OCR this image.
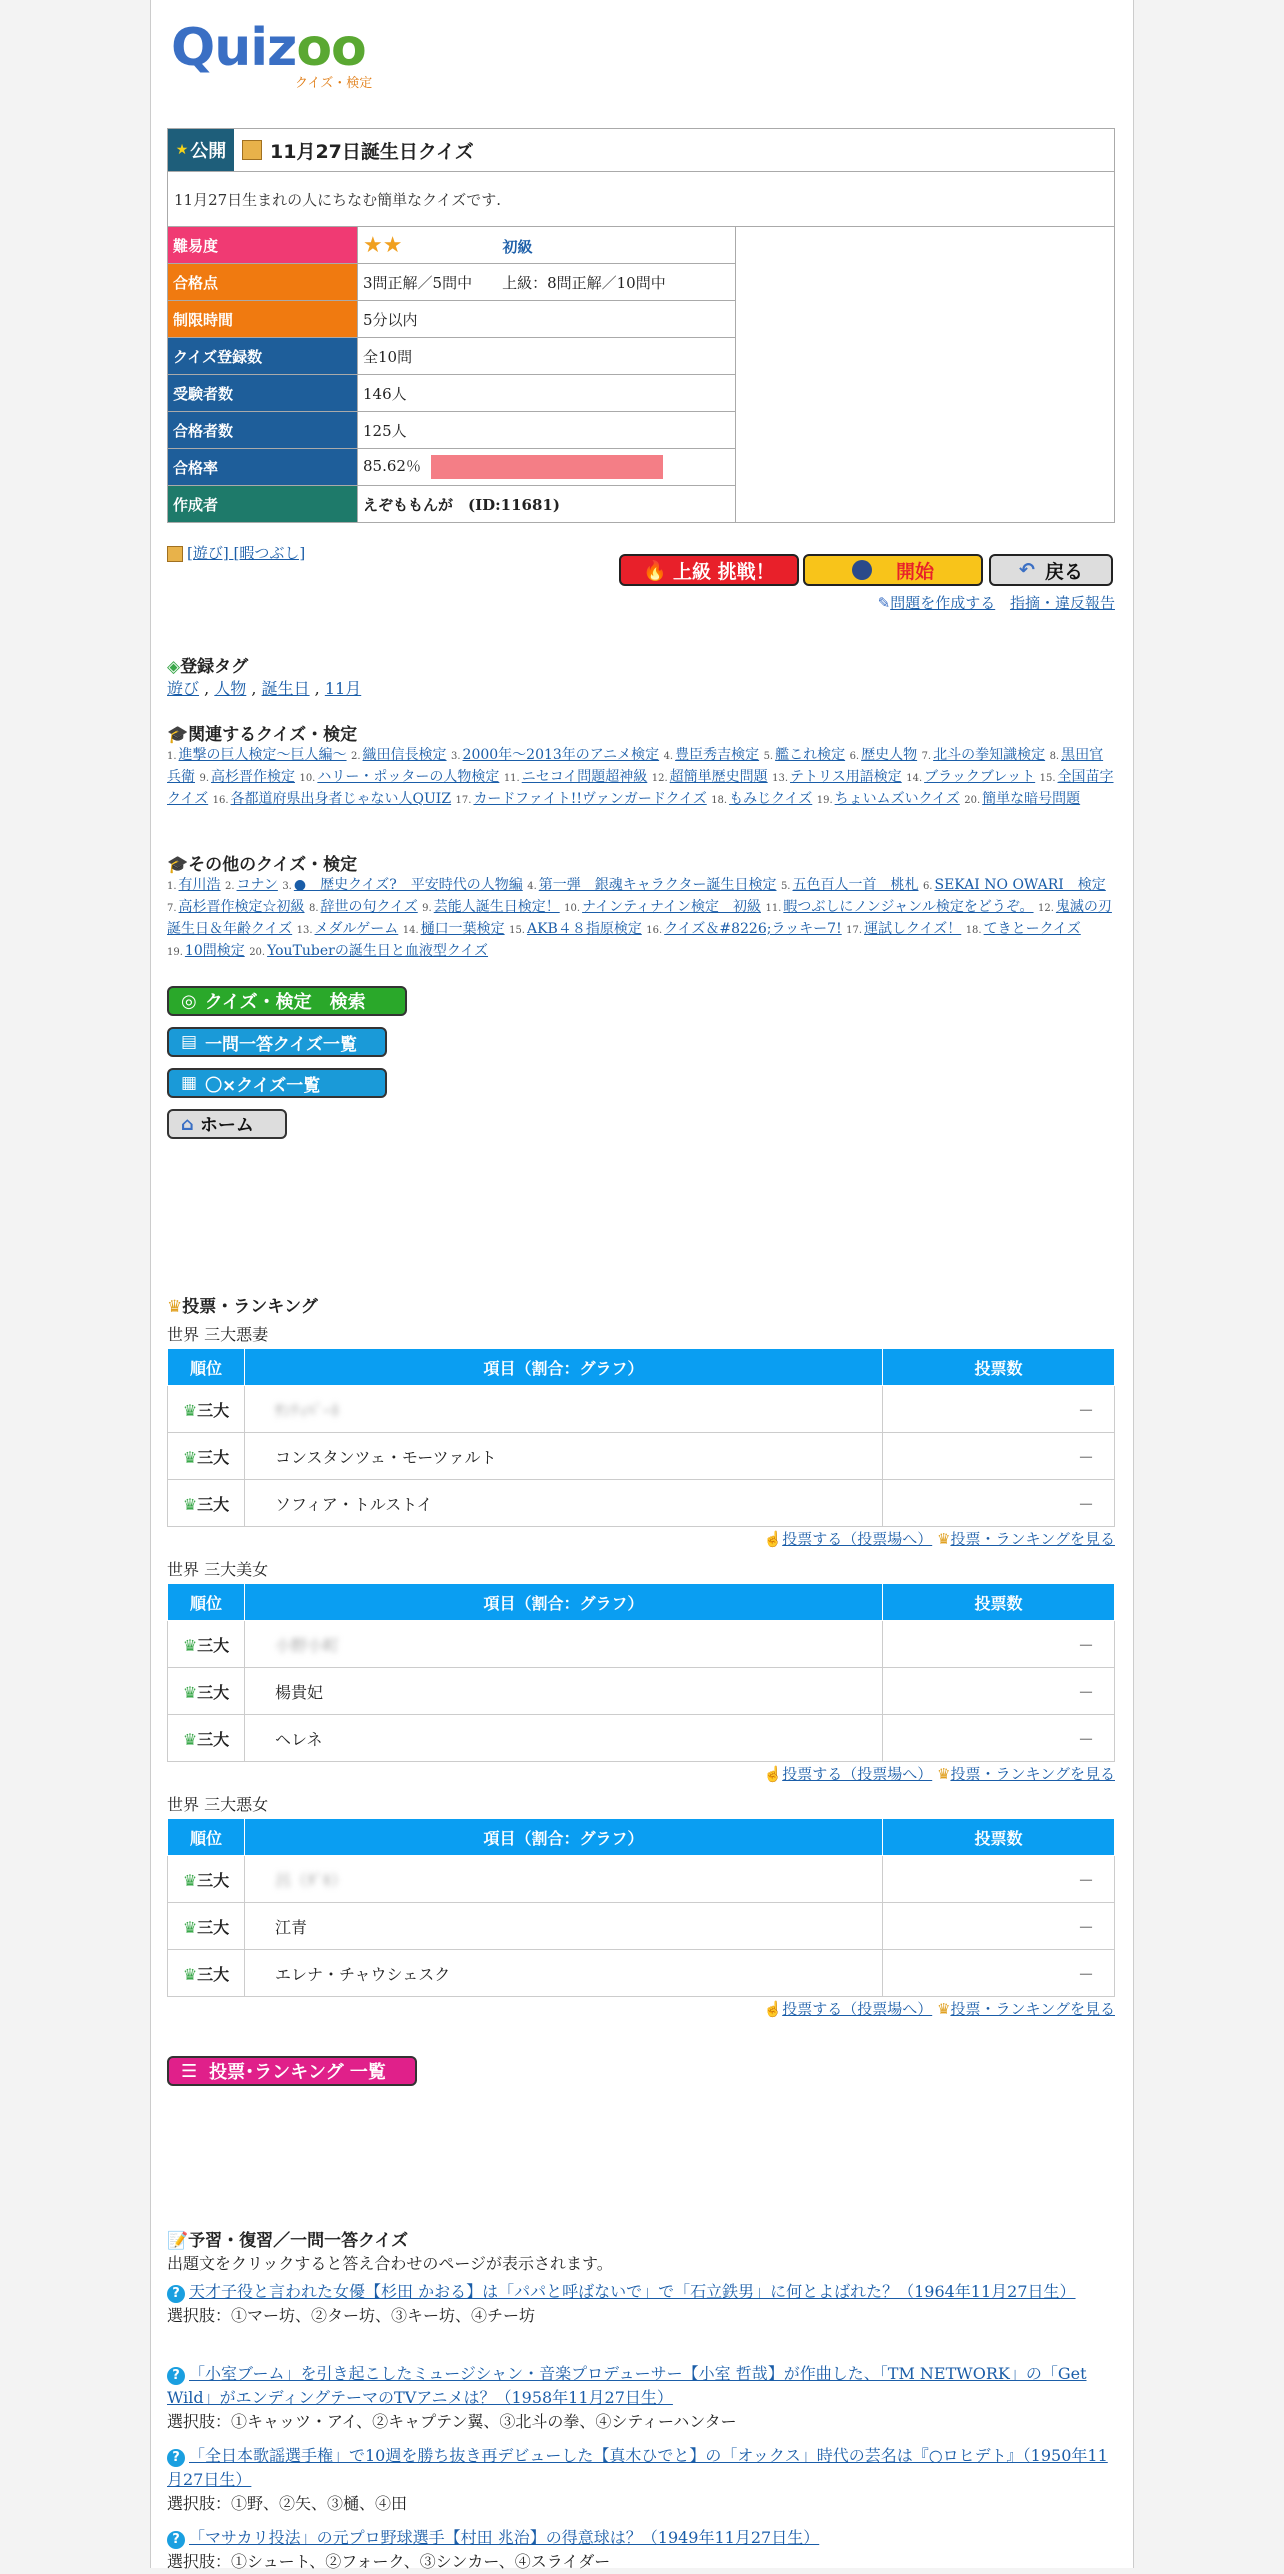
Quizoo
クイズ・検定
★ 公開 11月27日誕生日クイズ
11月27日生まれの人にちなむ簡単なクイズです.
難易度	★★ 初級
合格点	3問正解／5問中　　上級：8問正解／10問中
制限時間	5分以内
クイズ登録数	全10問
受験者数	146人
合格者数	125人
合格率	85.62％
作成者	えぞももんが　(ID:11681)
[遊び] [暇つぶし]
🔥 上級 挑戦！	開始	↶ 戻る
✎問題を作成する 指摘・違反報告
◈登録タグ
遊び , 人物 , 誕生日 , 11月
🎓関連するクイズ・検定
1. 進撃の巨人検定〜巨人編〜 2. 織田信長検定 3. 2000年〜2013年のアニメ検定 4. 豊臣秀吉検定 5. 艦これ検定 6. 歴史人物 7. 北斗の拳知識検定 8. 黒田官兵衛 9. 高杉晋作検定 10. ハリー・ポッターの人物検定 11. ニセコイ問題超神級 12. 超簡単歴史問題 13. テトリス用語検定 14. ブラックブレット 15. 全国苗字クイズ 16. 各都道府県出身者じゃない人QUIZ 17. カードファイト!!ヴァンガードクイズ 18. もみじクイズ 19. ちょいムズいクイズ 20. 簡単な暗号問題
🎓その他のクイズ・検定
1. 有川浩 2. コナン 3. ●　歴史クイズ?　平安時代の人物編 4. 第一弾　銀魂キャラクター誕生日検定 5. 五色百人一首　桃札 6. SEKAI NO OWARI　検定 7. 高杉晋作検定☆初級 8. 辞世の句クイズ 9. 芸能人誕生日検定！ 10. ナインティナイン検定　初級 11. 暇つぶしにノンジャンル検定をどうぞ。 12. 鬼滅の刃誕生日＆年齢クイズ 13. メダルゲーム 14. 樋口一葉検定 15. AKB４８指原検定 16. クイズ＆#8226;ラッキー7! 17. 運試しクイズ！ 18. てきとークイズ 19. 10問検定 20. YouTuberの誕生日と血液型クイズ
◎ クイズ・検定　検索
▤ 一問一答クイズ一覧
▦ 〇×クイズ一覧
⌂ ホーム
♛投票・ランキング
世界 三大悪妻
順位	項目（割合：グラフ）	投票数
♛三大	ｻﾝﾃｨﾊﾟｰﾈ	－
♛三大	コンスタンツェ・モーツァルト	－
♛三大	ソフィア・トルストイ	－
☝投票する（投票場へ） ♛投票・ランキングを見る
世界 三大美女
順位	項目（割合：グラフ）	投票数
♛三大	小野小町	－
♛三大	楊貴妃	－
♛三大	ヘレネ	－
☝投票する（投票場へ） ♛投票・ランキングを見る
世界 三大悪女
順位	項目（割合：グラフ）	投票数
♛三大	呂（ﾀﾞｷ）	－
♛三大	江青	－
♛三大	エレナ・チャウシェスク	－
☝投票する（投票場へ） ♛投票・ランキングを見る
☰ 投票･ランキング 一覧
📝予習・復習／一問一答クイズ
出題文をクリックすると答え合わせのページが表示されます。
? 天才子役と言われた女優【杉田 かおる】は「パパと呼ばないで」で「石立鉄男」に何とよばれた？（1964年11月27日生）
選択肢：①マー坊、②ター坊、③キー坊、④チー坊
? 「小室ブーム」を引き起こしたミュージシャン・音楽プロデューサー【小室 哲哉】が作曲した、「TM NETWORK」の「Get Wild」がエンディングテーマのTVアニメは？（1958年11月27日生）
選択肢：①キャッツ・アイ、②キャプテン翼、③北斗の拳、④シティーハンター
? 「全日本歌謡選手権」で10週を勝ち抜き再デビューした【真木ひでと】の「オックス」時代の芸名は『○ロヒデト』（1950年11月27日生）
選択肢：①野、②矢、③樋、④田
? 「マサカリ投法」の元プロ野球選手【村田 兆治】の得意球は？（1949年11月27日生）
選択肢：①シュート、②フォーク、③シンカー、④スライダー
